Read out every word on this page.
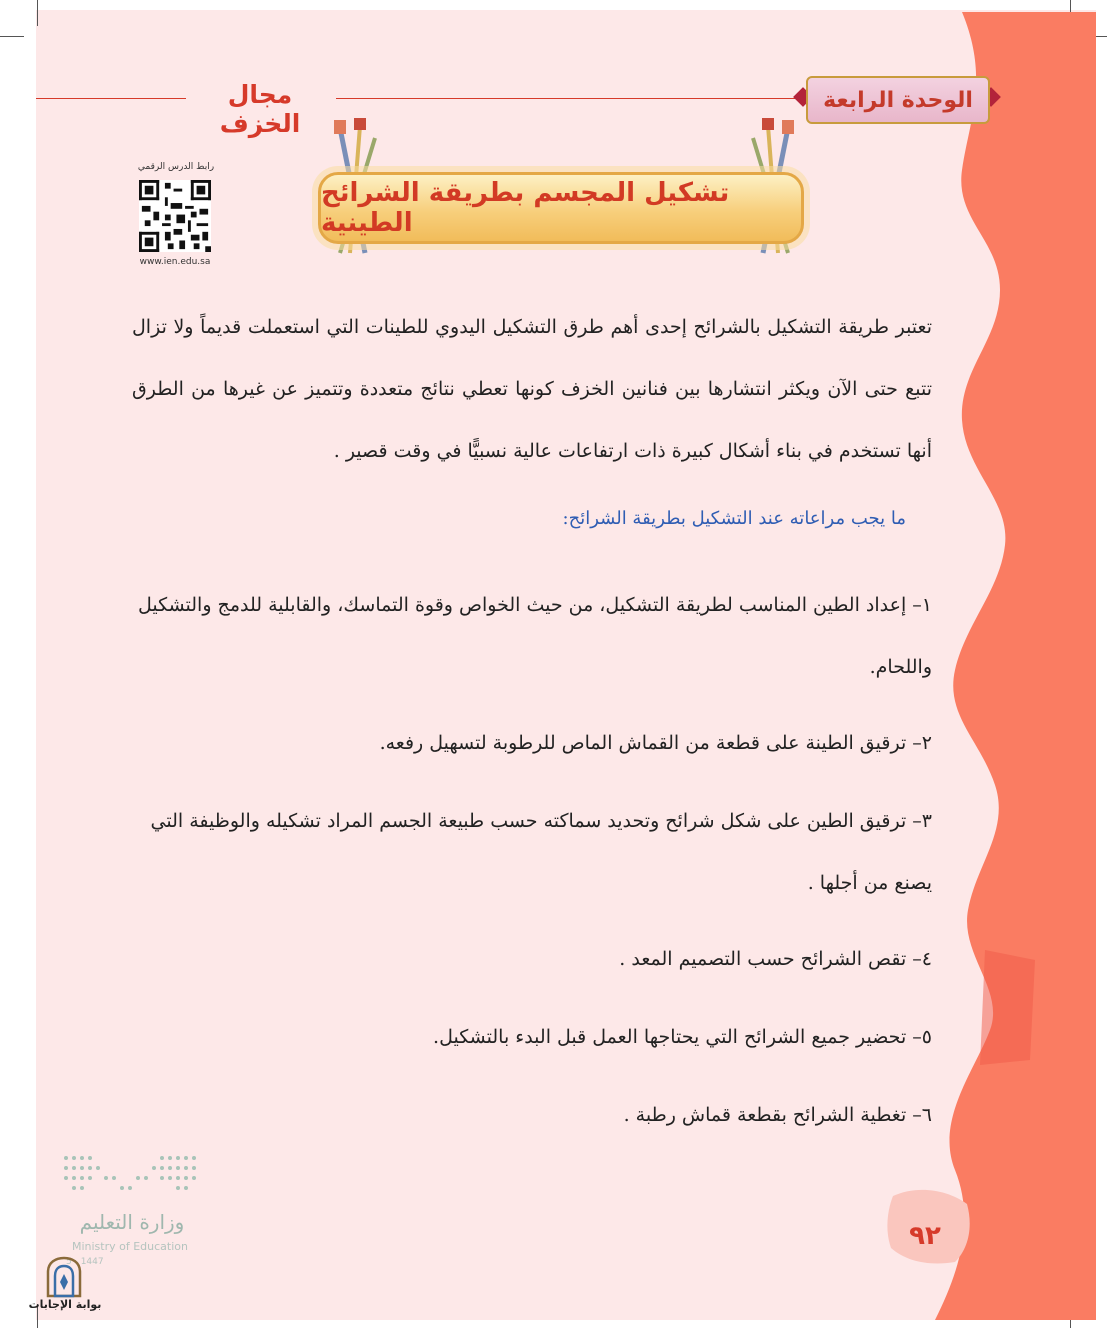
مجال الخزف
الوحدة الرابعة
تشكيل المجسم بطريقة الشرائح الطينية
رابط الدرس الرقمي
www.ien.edu.sa
تعتبر طريقة التشكيل بالشرائح إحدى أهم طرق التشكيل اليدوي للطينات التي استعملت قديماً ولا تزال تتبع حتى الآن ويكثر انتشارها بين فنانين الخزف كونها تعطي نتائج متعددة وتتميز عن غيرها من الطرق أنها تستخدم في بناء أشكال كبيرة ذات ارتفاعات عالية نسبيًّا في وقت قصير .
ما يجب مراعاته عند التشكيل بطريقة الشرائح:
١– إعداد الطين المناسب لطريقة التشكيل، من حيث الخواص وقوة التماسك، والقابلية للدمج والتشكيل واللحام.
٢– ترقيق الطينة على قطعة من القماش الماص للرطوبة لتسهيل رفعه.
٣– ترقيق الطين على شكل شرائح وتحديد سماكته حسب طبيعة الجسم المراد تشكيله والوظيفة التي يصنع من أجلها .
٤– تقص الشرائح حسب التصميم المعد .
٥– تحضير جميع الشرائح التي يحتاجها العمل قبل البدء بالتشكيل.
٦– تغطية الشرائح بقطعة قماش رطبة .
٩٢
وزارة التعليم
Ministry of Education
5 - 1447
بوابة الإجابات
